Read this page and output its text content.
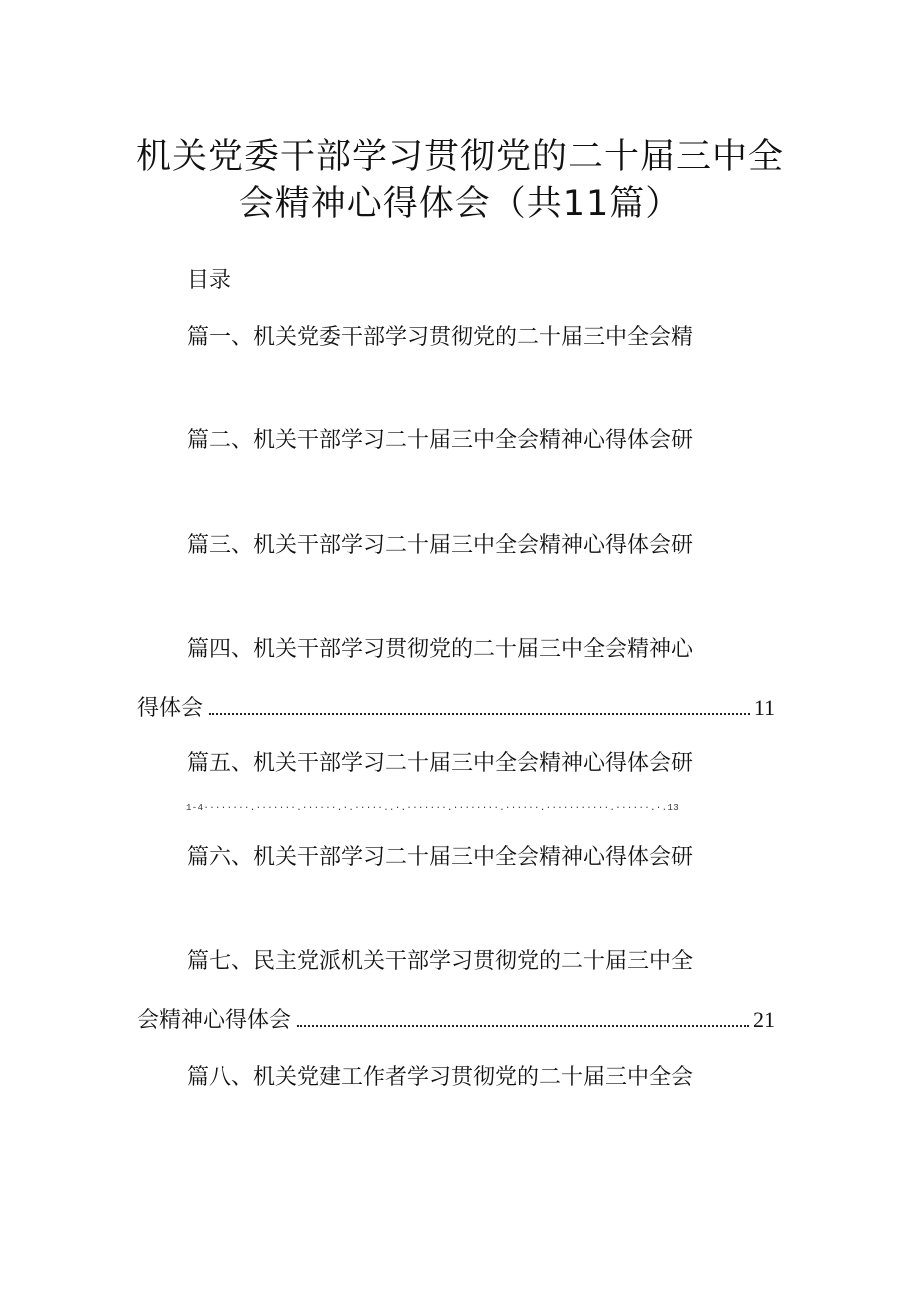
机关党委干部学习贯彻党的二十届三中全
会精神心得体会（共11篇）
目录
篇一、机关党委干部学习贯彻党的二十届三中全会精
篇二、机关干部学习二十届三中全会精神心得体会研
篇三、机关干部学习二十届三中全会精神心得体会研
篇四、机关干部学习贯彻党的二十届三中全会精神心
得体会	11
篇五、机关干部学习二十届三中全会精神心得体会研
1-4········.·······.······.·.·····..·.·······.········.······.···········.······.·.13
篇六、机关干部学习二十届三中全会精神心得体会研
篇七、民主党派机关干部学习贯彻党的二十届三中全
会精神心得体会	21
篇八、机关党建工作者学习贯彻党的二十届三中全会
